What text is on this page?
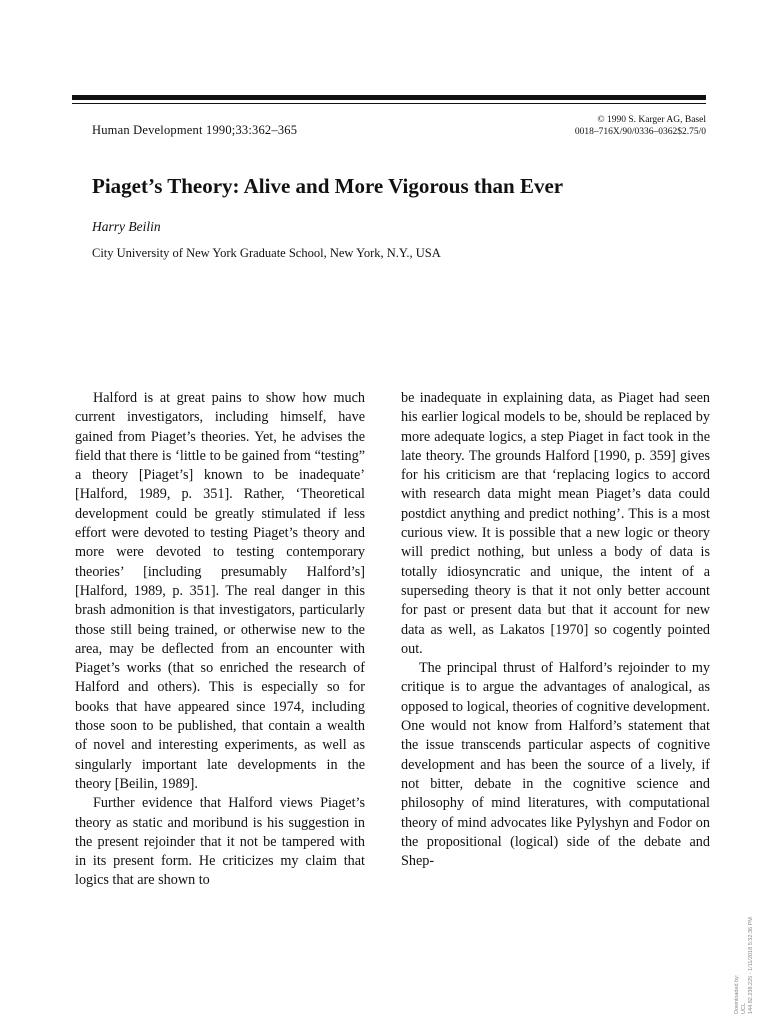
Human Development 1990;33:362–365
© 1990 S. Karger AG, Basel
0018–716X/90/0336–0362$2.75/0
Piaget’s Theory: Alive and More Vigorous than Ever
Harry Beilin
City University of New York Graduate School, New York, N.Y., USA

Halford is at great pains to show how much current investigators, including himself, have gained from Piaget’s theories. Yet, he advises the field that there is ‘little to be gained from “testing” a theory [Piaget’s] known to be inadequate’ [Halford, 1989, p. 351]. Rather, ‘Theoretical development could be greatly stimulated if less effort were devoted to testing Piaget’s theory and more were devoted to testing contemporary theories’ [including presumably Halford’s] [Halford, 1989, p. 351]. The real danger in this brash admonition is that investigators, particularly those still being trained, or otherwise new to the area, may be deflected from an encounter with Piaget’s works (that so enriched the research of Halford and others). This is especially so for books that have appeared since 1974, including those soon to be published, that contain a wealth of novel and interesting experiments, as well as singularly important late developments in the theory [Beilin, 1989].

Further evidence that Halford views Piaget’s theory as static and moribund is his suggestion in the present rejoinder that it not be tampered with in its present form. He criticizes my claim that logics that are shown to

be inadequate in explaining data, as Piaget had seen his earlier logical models to be, should be replaced by more adequate logics, a step Piaget in fact took in the late theory. The grounds Halford [1990, p. 359] gives for his criticism are that ‘replacing logics to accord with research data might mean Piaget’s data could postdict anything and predict nothing’. This is a most curious view. It is possible that a new logic or theory will predict nothing, but unless a body of data is totally idiosyncratic and unique, the intent of a superseding theory is that it not only better account for past or present data but that it account for new data as well, as Lakatos [1970] so cogently pointed out.

The principal thrust of Halford’s rejoinder to my critique is to argue the advantages of analogical, as opposed to logical, theories of cognitive development. One would not know from Halford’s statement that the issue transcends particular aspects of cognitive development and has been the source of a lively, if not bitter, debate in the cognitive science and philosophy of mind literatures, with computational theory of mind advocates like Pylyshyn and Fodor on the propositional (logical) side of the debate and Shep-

Downloaded by: UCL 144.82.238.225 - 1/11/2018 5:32:36 PM
